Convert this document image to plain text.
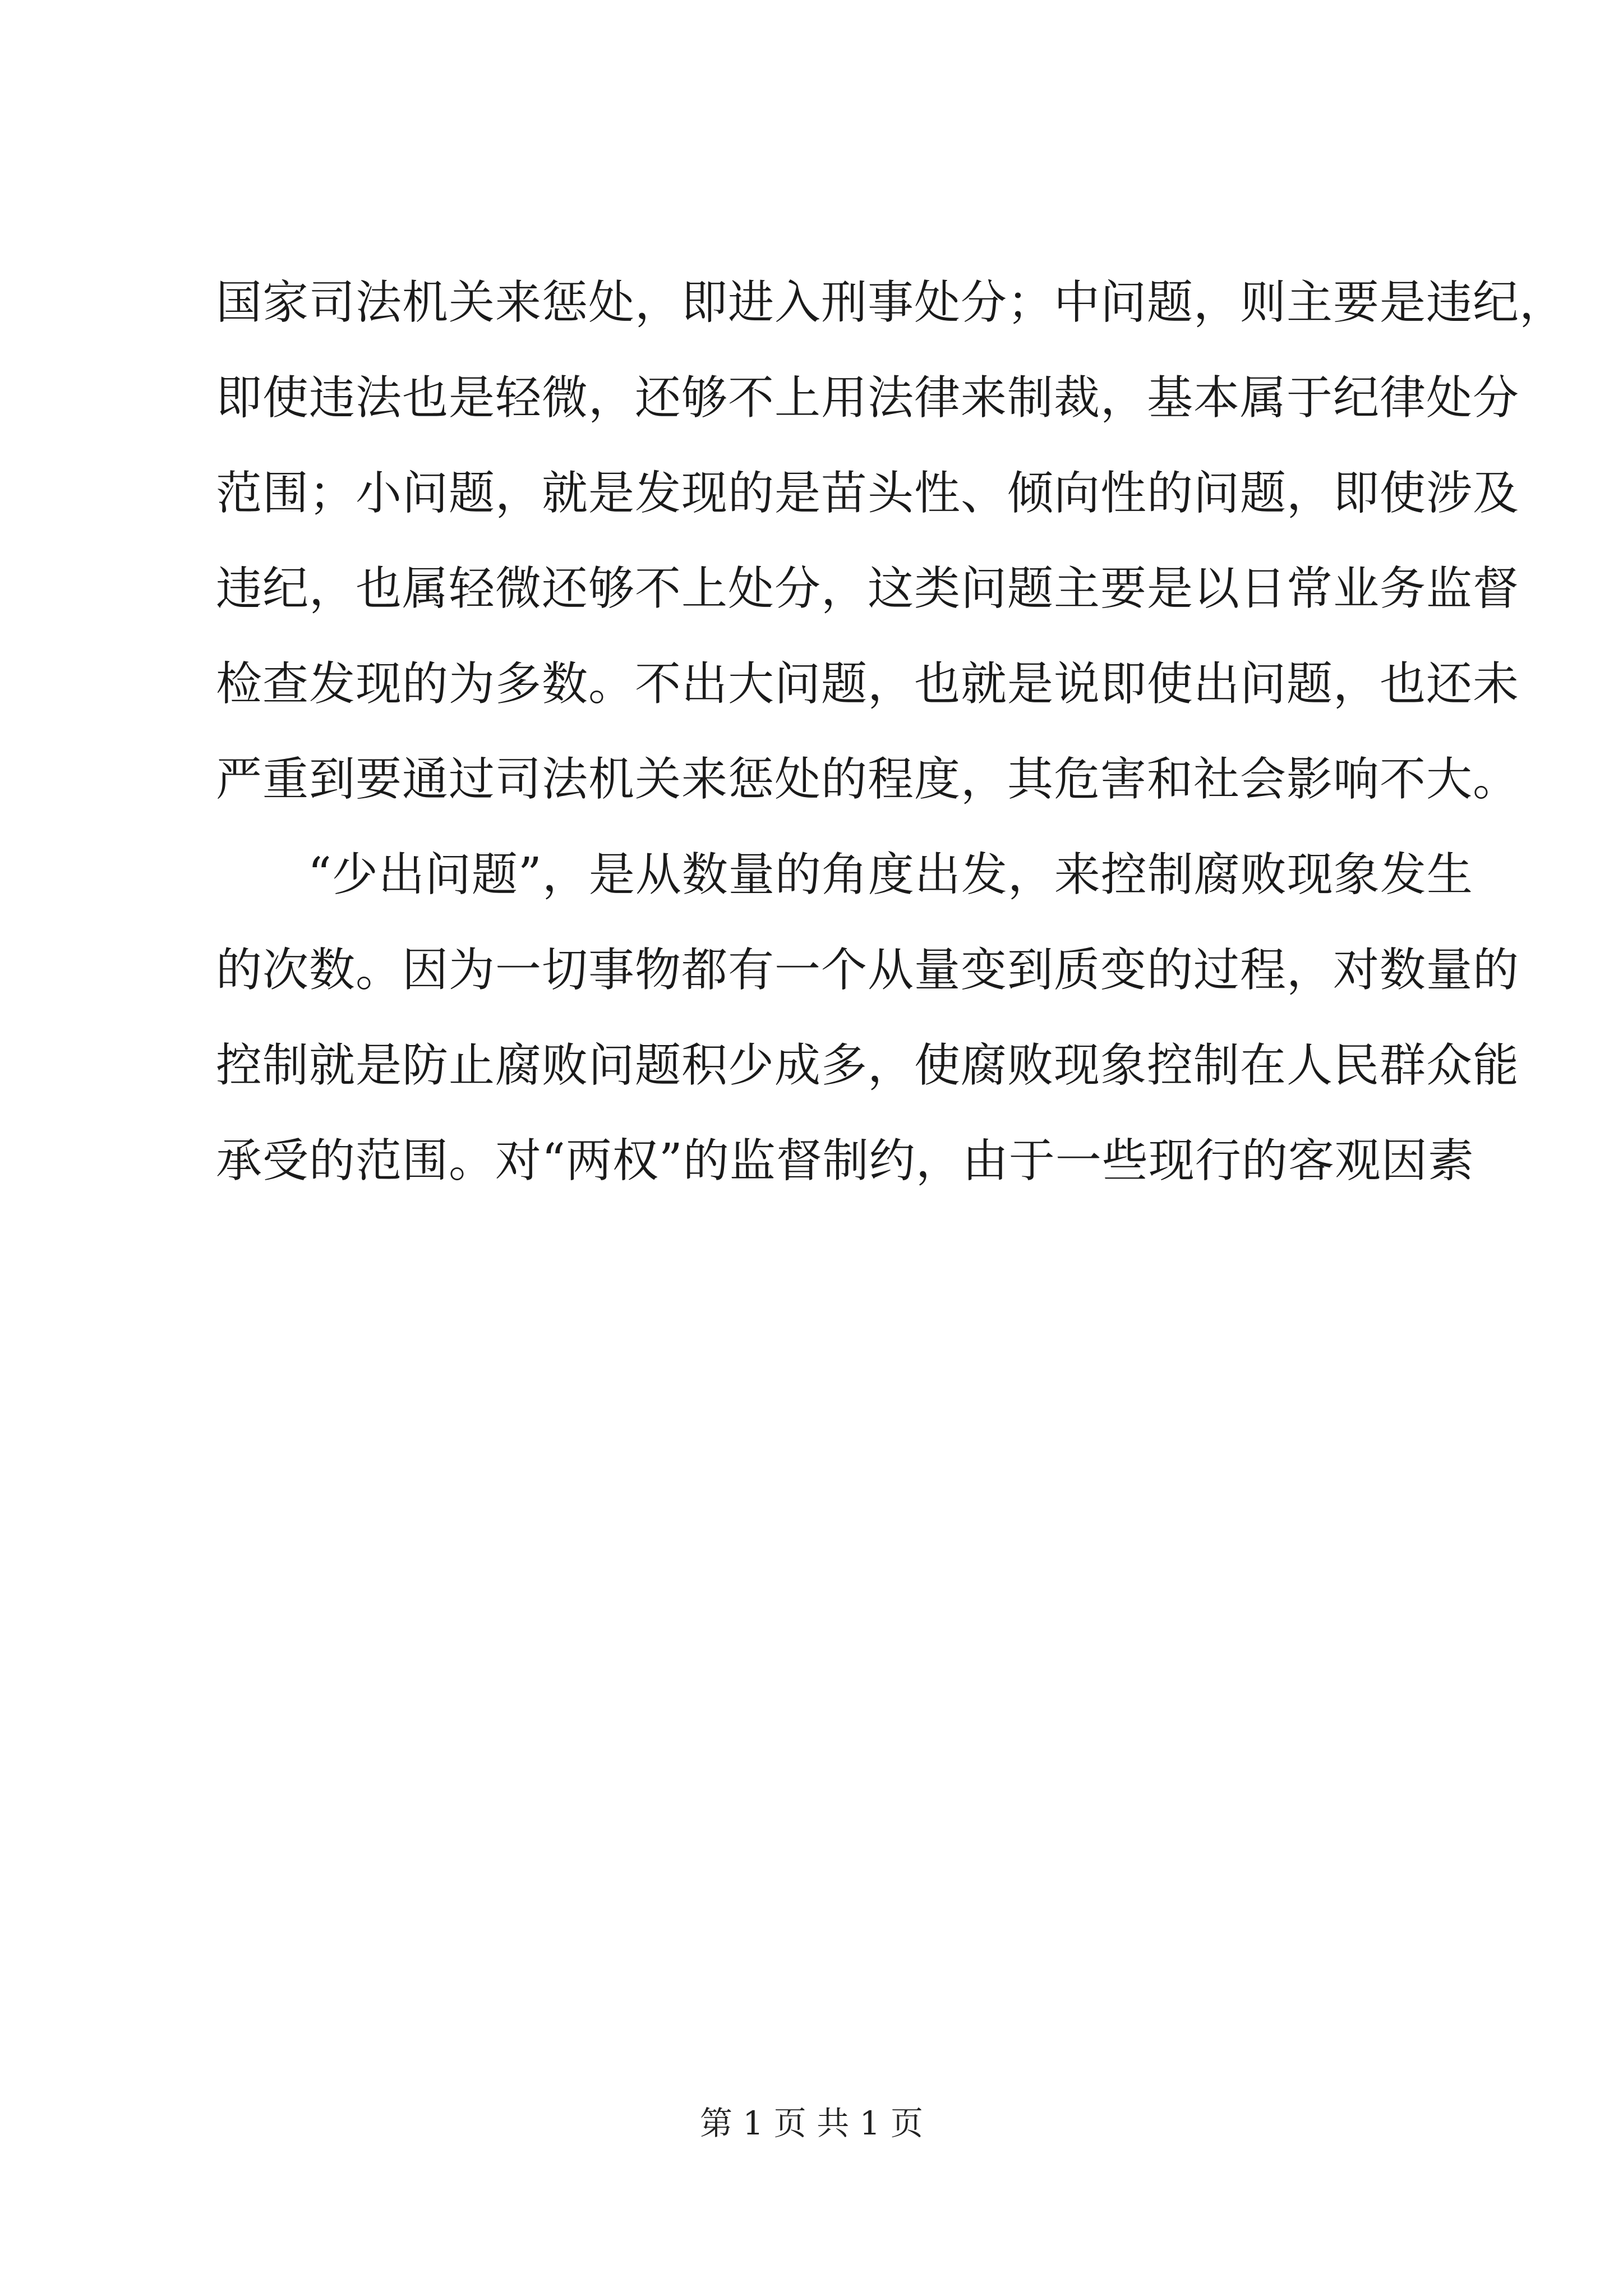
国家司法机关来惩处，即进入刑事处分；中问题，则主要是违纪，
即使违法也是轻微，还够不上用法律来制裁，基本属于纪律处分
范围；小问题，就是发现的是苗头性、倾向性的问题，即使涉及
违纪，也属轻微还够不上处分，这类问题主要是以日常业务监督
检查发现的为多数。不出大问题，也就是说即使出问题，也还未
严重到要通过司法机关来惩处的程度，其危害和社会影响不大。
“少出问题”，是从数量的角度出发，来控制腐败现象发生
的次数。因为一切事物都有一个从量变到质变的过程，对数量的
控制就是防止腐败问题积少成多，使腐败现象控制在人民群众能
承受的范围。对“两权”的监督制约，由于一些现行的客观因素
第 1 页 共 1 页
